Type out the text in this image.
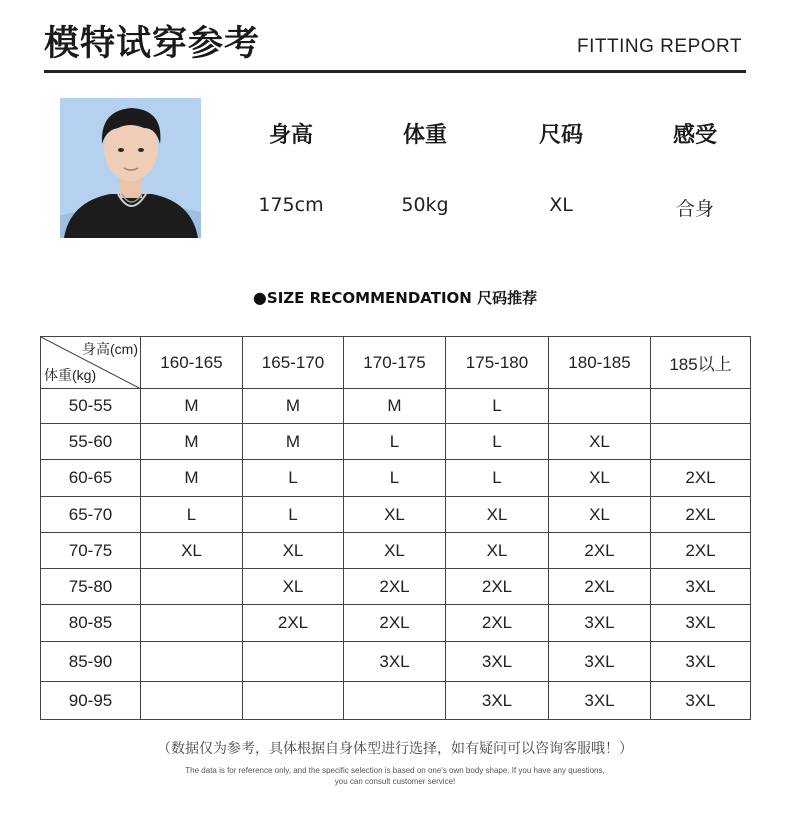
模特试穿参考	FITTING REPORT
身高
175cm
体重
50kg
尺码
XL
感受
合身
●SIZE RECOMMENDATION 尺码推荐
身高(cm)
体重(kg)	160-165	165-170	170-175	175-180	180-185	185以上
50-55	M	M	M	L		
55-60	M	M	L	L	XL	
60-65	M	L	L	L	XL	2XL
65-70	L	L	XL	XL	XL	2XL
70-75	XL	XL	XL	XL	2XL	2XL
75-80		XL	2XL	2XL	2XL	3XL
80-85		2XL	2XL	2XL	3XL	3XL
85-90			3XL	3XL	3XL	3XL
90-95				3XL	3XL	3XL
（数据仅为参考，具体根据自身体型进行选择，如有疑问可以咨询客服哦！）
The data is for reference only, and the specific selection is based on one's own body shape. If you have any questions,
you can consult customer service!
